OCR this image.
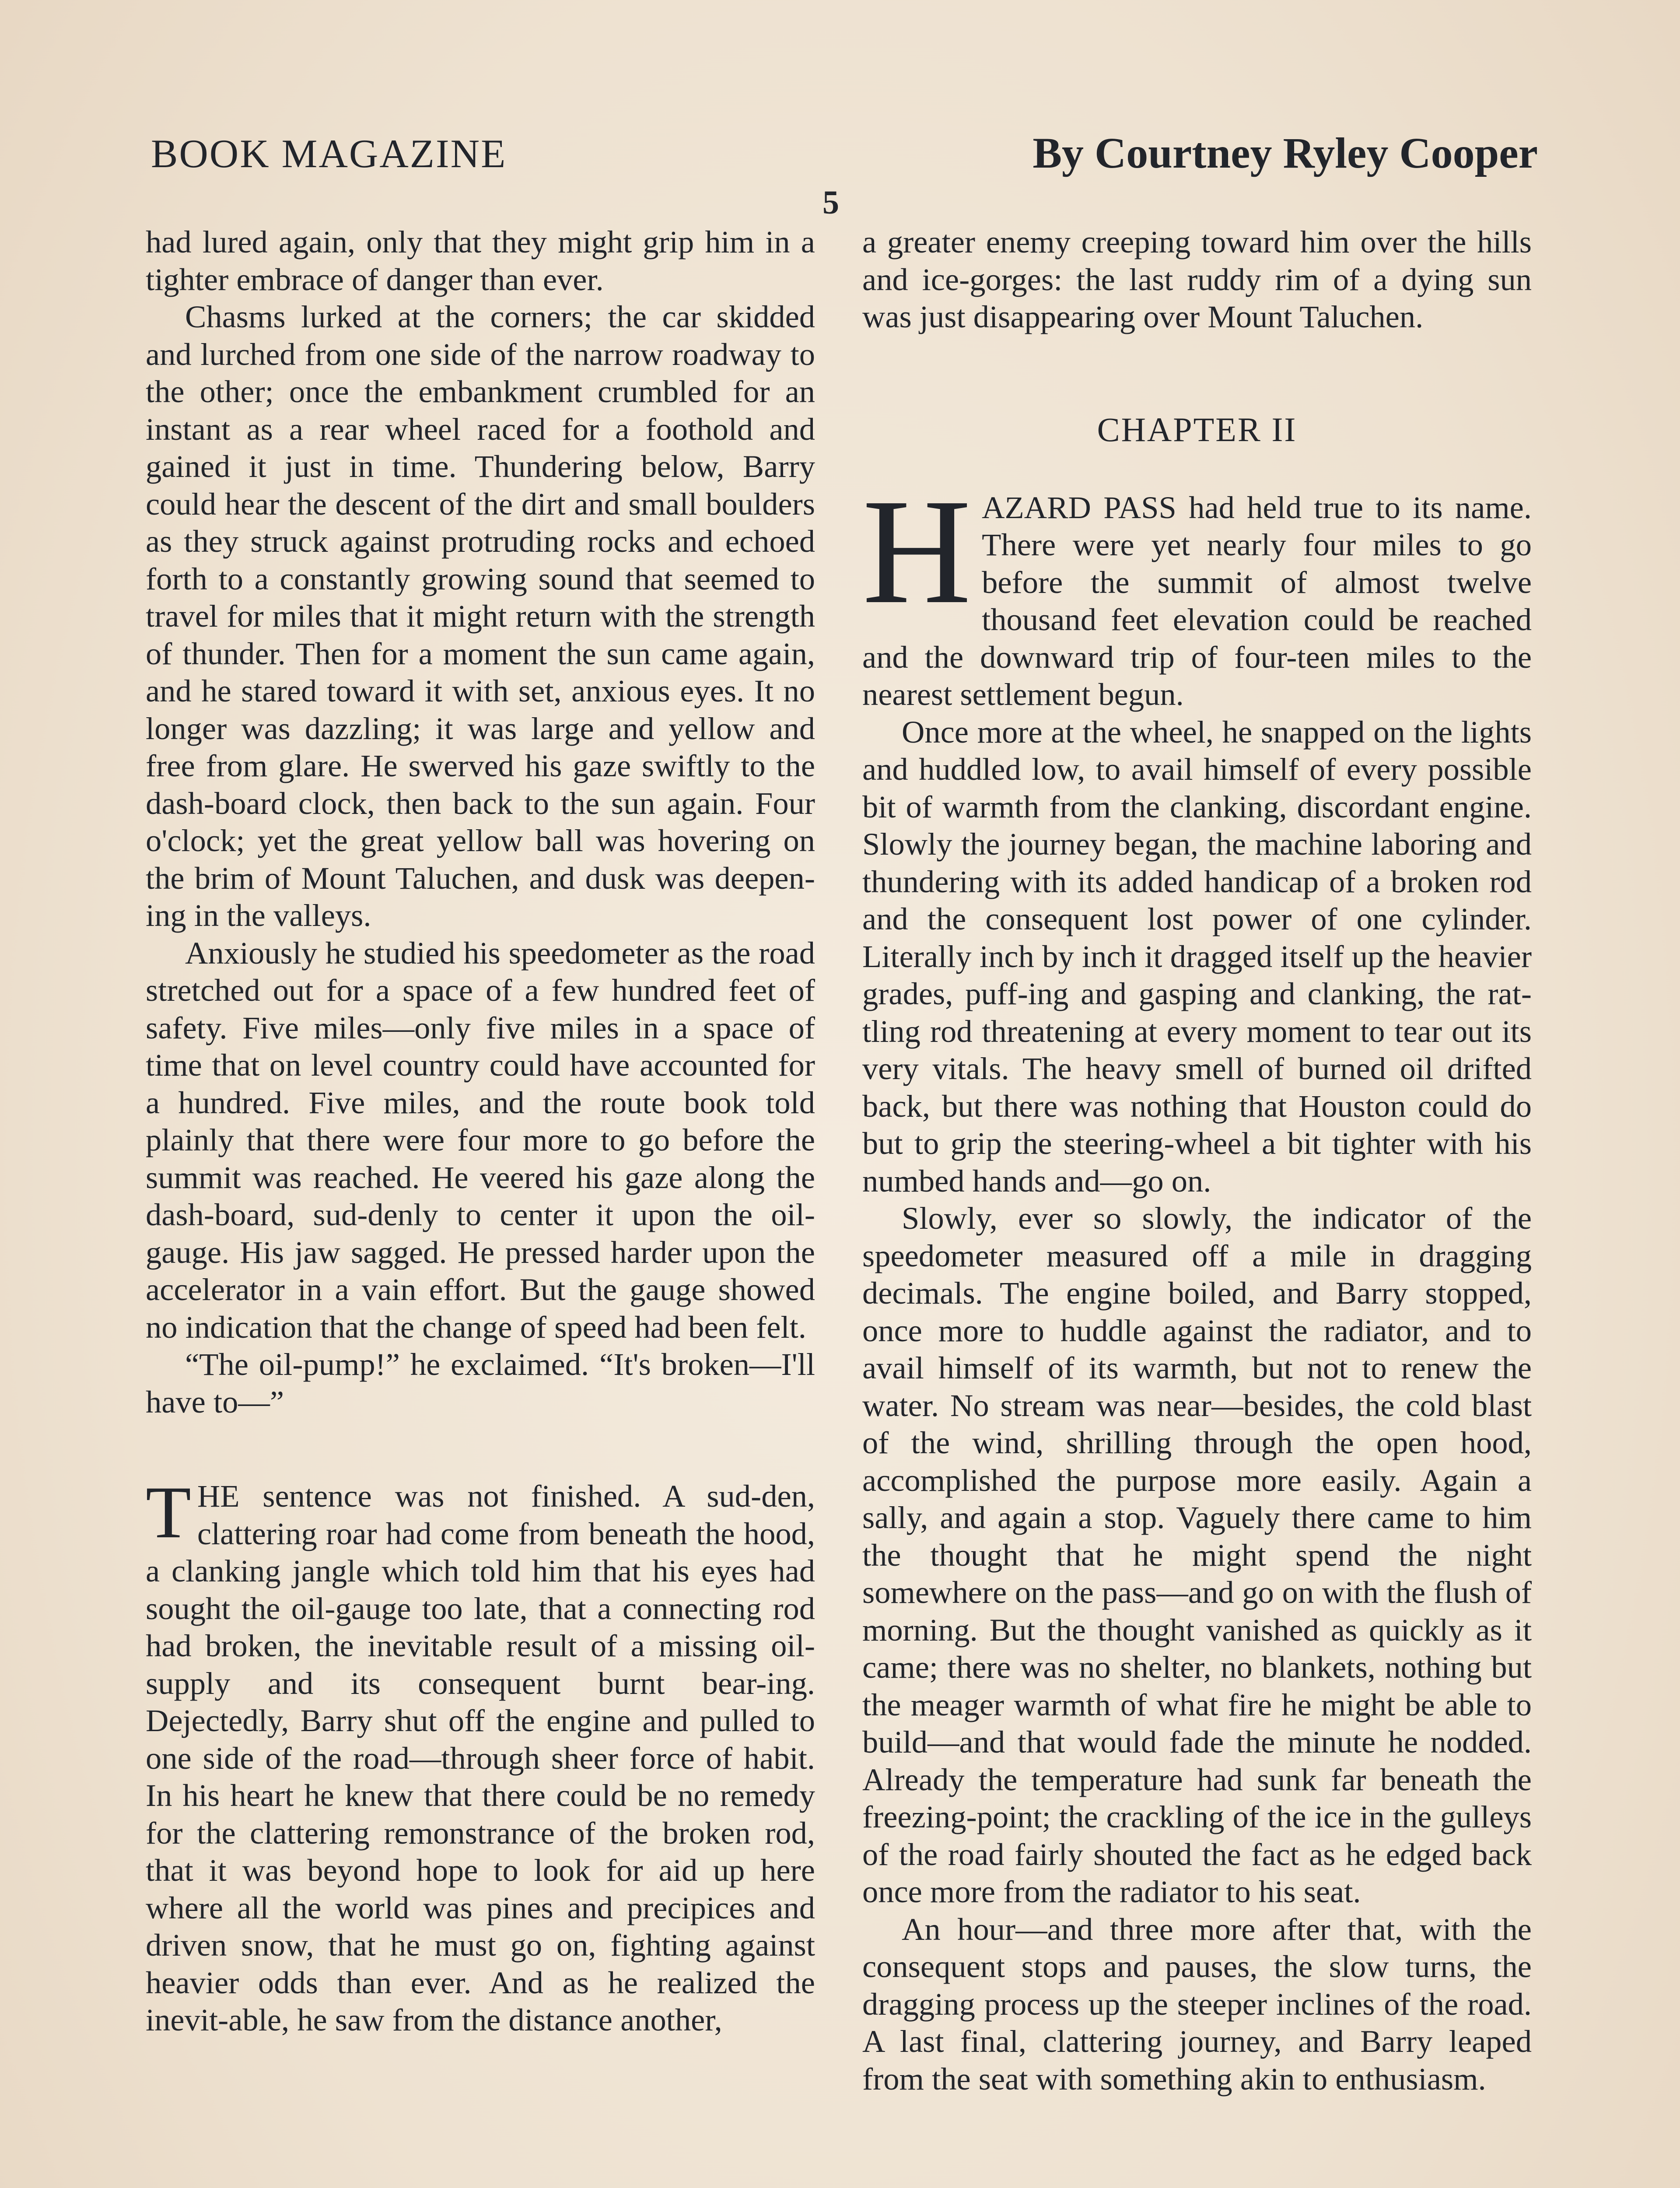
BOOK MAGAZINE	By Courtney Ryley Cooper
5

had lured again, only that they might grip him in a tighter embrace of danger than ever.

Chasms lurked at the corners; the car skidded and lurched from one side of the narrow roadway to the other; once the embankment crumbled for an instant as a rear wheel raced for a foothold and gained it just in time. Thundering below, Barry could hear the descent of the dirt and small boulders as they struck against protruding rocks and echoed forth to a constantly growing sound that seemed to travel for miles that it might return with the strength of thunder. Then for a moment the sun came again, and he stared toward it with set, anxious eyes. It no longer was dazzling; it was large and yellow and free from glare. He swerved his gaze swiftly to the dash-board clock, then back to the sun again. Four o'clock; yet the great yellow ball was hovering on the brim of Mount Taluchen, and dusk was deepen-ing in the valleys.

Anxiously he studied his speedometer as the road stretched out for a space of a few hundred feet of safety. Five miles—only five miles in a space of time that on level country could have accounted for a hundred. Five miles, and the route book told plainly that there were four more to go before the summit was reached. He veered his gaze along the dash-board, sud-denly to center it upon the oil-gauge. His jaw sagged. He pressed harder upon the accelerator in a vain effort. But the gauge showed no indication that the change of speed had been felt.

“The oil-pump!” he exclaimed. “It's broken—I'll have to—”

THE sentence was not finished. A sud-den, clattering roar had come from beneath the hood, a clanking jangle which told him that his eyes had sought the oil-gauge too late, that a connecting rod had broken, the inevitable result of a missing oil-supply and its consequent burnt bear-ing. Dejectedly, Barry shut off the engine and pulled to one side of the road—through sheer force of habit. In his heart he knew that there could be no remedy for the clattering remonstrance of the broken rod, that it was beyond hope to look for aid up here where all the world was pines and precipices and driven snow, that he must go on, fighting against heavier odds than ever. And as he realized the inevit-able, he saw from the distance another,

a greater enemy creeping toward him over the hills and ice-gorges: the last ruddy rim of a dying sun was just disappearing over Mount Taluchen.

CHAPTER II

HAZARD PASS had held true to its name. There were yet nearly four miles to go before the summit of almost twelve thousand feet elevation could be reached and the downward trip of four-teen miles to the nearest settlement begun.

Once more at the wheel, he snapped on the lights and huddled low, to avail himself of every possible bit of warmth from the clanking, discordant engine. Slowly the journey began, the machine laboring and thundering with its added handicap of a broken rod and the consequent lost power of one cylinder. Literally inch by inch it dragged itself up the heavier grades, puff-ing and gasping and clanking, the rat-tling rod threatening at every moment to tear out its very vitals. The heavy smell of burned oil drifted back, but there was nothing that Houston could do but to grip the steering-wheel a bit tighter with his numbed hands and—go on.

Slowly, ever so slowly, the indicator of the speedometer measured off a mile in dragging decimals. The engine boiled, and Barry stopped, once more to huddle against the radiator, and to avail himself of its warmth, but not to renew the water. No stream was near—besides, the cold blast of the wind, shrilling through the open hood, accomplished the purpose more easily. Again a sally, and again a stop. Vaguely there came to him the thought that he might spend the night somewhere on the pass—and go on with the flush of morning. But the thought vanished as quickly as it came; there was no shelter, no blankets, nothing but the meager warmth of what fire he might be able to build—and that would fade the minute he nodded. Already the temperature had sunk far beneath the freezing-point; the crackling of the ice in the gulleys of the road fairly shouted the fact as he edged back once more from the radiator to his seat.

An hour—and three more after that, with the consequent stops and pauses, the slow turns, the dragging process up the steeper inclines of the road. A last final, clattering journey, and Barry leaped from the seat with something akin to enthusiasm.
